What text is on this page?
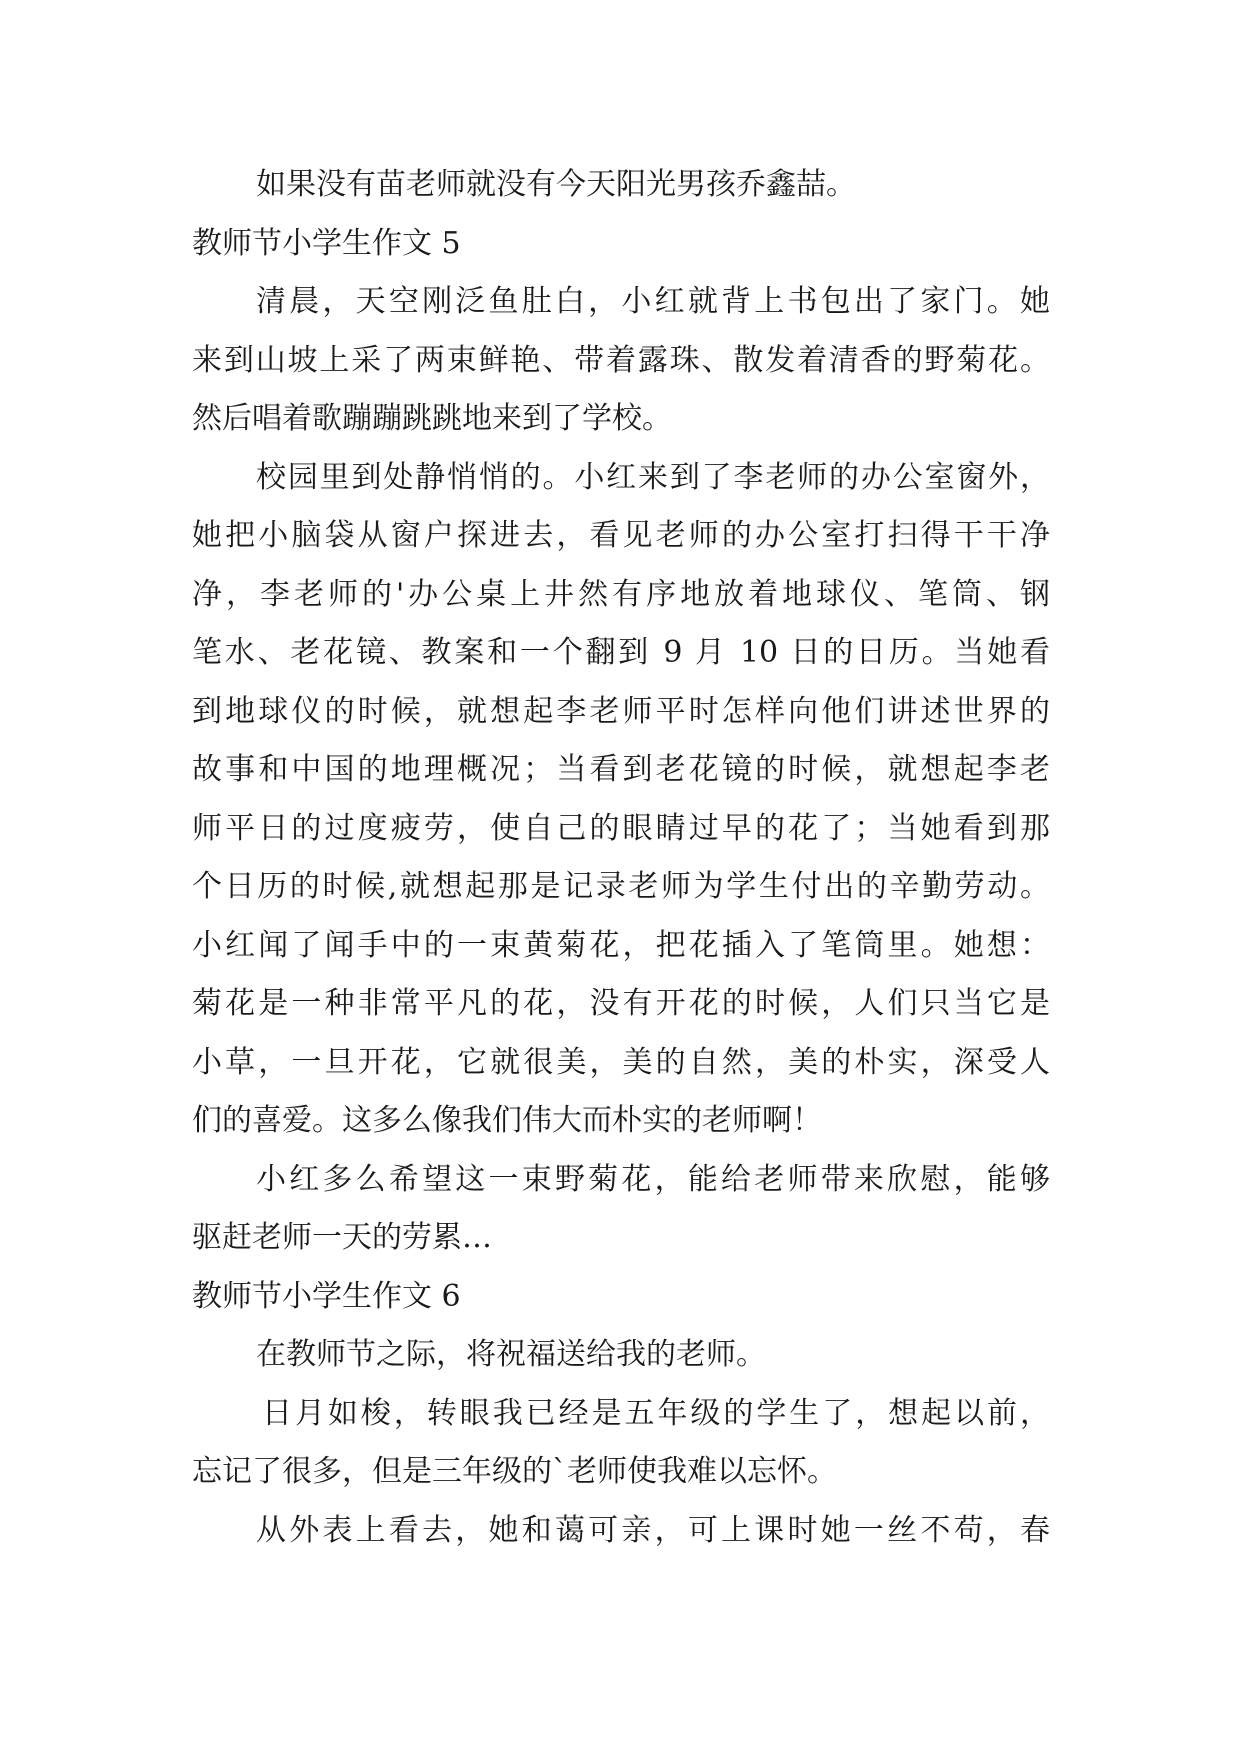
如果没有苗老师就没有今天阳光男孩乔鑫喆。
教师节小学生作文 5
清晨，天空刚泛鱼肚白，小红就背上书包出了家门。她
来到山坡上采了两束鲜艳、带着露珠、散发着清香的野菊花。
然后唱着歌蹦蹦跳跳地来到了学校。
校园里到处静悄悄的。小红来到了李老师的办公室窗外，
她把小脑袋从窗户探进去，看见老师的办公室打扫得干干净
净，李老师的'办公桌上井然有序地放着地球仪、笔筒、钢
笔水、老花镜、教案和一个翻到 9 月 10 日的日历。当她看
到地球仪的时候，就想起李老师平时怎样向他们讲述世界的
故事和中国的地理概况；当看到老花镜的时候，就想起李老
师平日的过度疲劳，使自己的眼睛过早的花了；当她看到那
个日历的时候,就想起那是记录老师为学生付出的辛勤劳动。
小红闻了闻手中的一束黄菊花，把花插入了笔筒里。她想：
菊花是一种非常平凡的花，没有开花的时候，人们只当它是
小草，一旦开花，它就很美，美的自然，美的朴实，深受人
们的喜爱。这多么像我们伟大而朴实的老师啊！
小红多么希望这一束野菊花，能给老师带来欣慰，能够
驱赶老师一天的劳累…
教师节小学生作文 6
在教师节之际，将祝福送给我的老师。
日月如梭，转眼我已经是五年级的学生了，想起以前，
忘记了很多，但是三年级的`老师使我难以忘怀。
从外表上看去，她和蔼可亲，可上课时她一丝不苟，春
